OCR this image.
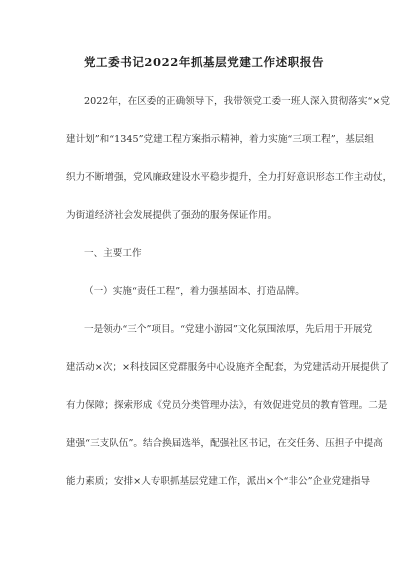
党工委书记2022年抓基层党建工作述职报告
2022年，在区委的正确领导下，我带领党工委一班人深入贯彻落实“×党
建计划”和“1345”党建工程方案指示精神，着力实施“三项工程”，基层组
织力不断增强，党风廉政建设水平稳步提升，全力打好意识形态工作主动仗，
为街道经济社会发展提供了强劲的服务保证作用。
一、主要工作
（一）实施“责任工程”，着力强基固本、打造品牌。
一是领办“三个”项目。“党建小游园”文化氛围浓厚，先后用于开展党
建活动×次；×科技园区党群服务中心设施齐全配套，为党建活动开展提供了
有力保障；探索形成《党员分类管理办法》，有效促进党员的教育管理。二是
建强“三支队伍”。结合换届选举，配强社区书记，在交任务、压担子中提高
能力素质；安排×人专职抓基层党建工作，派出×个“非公”企业党建指导
